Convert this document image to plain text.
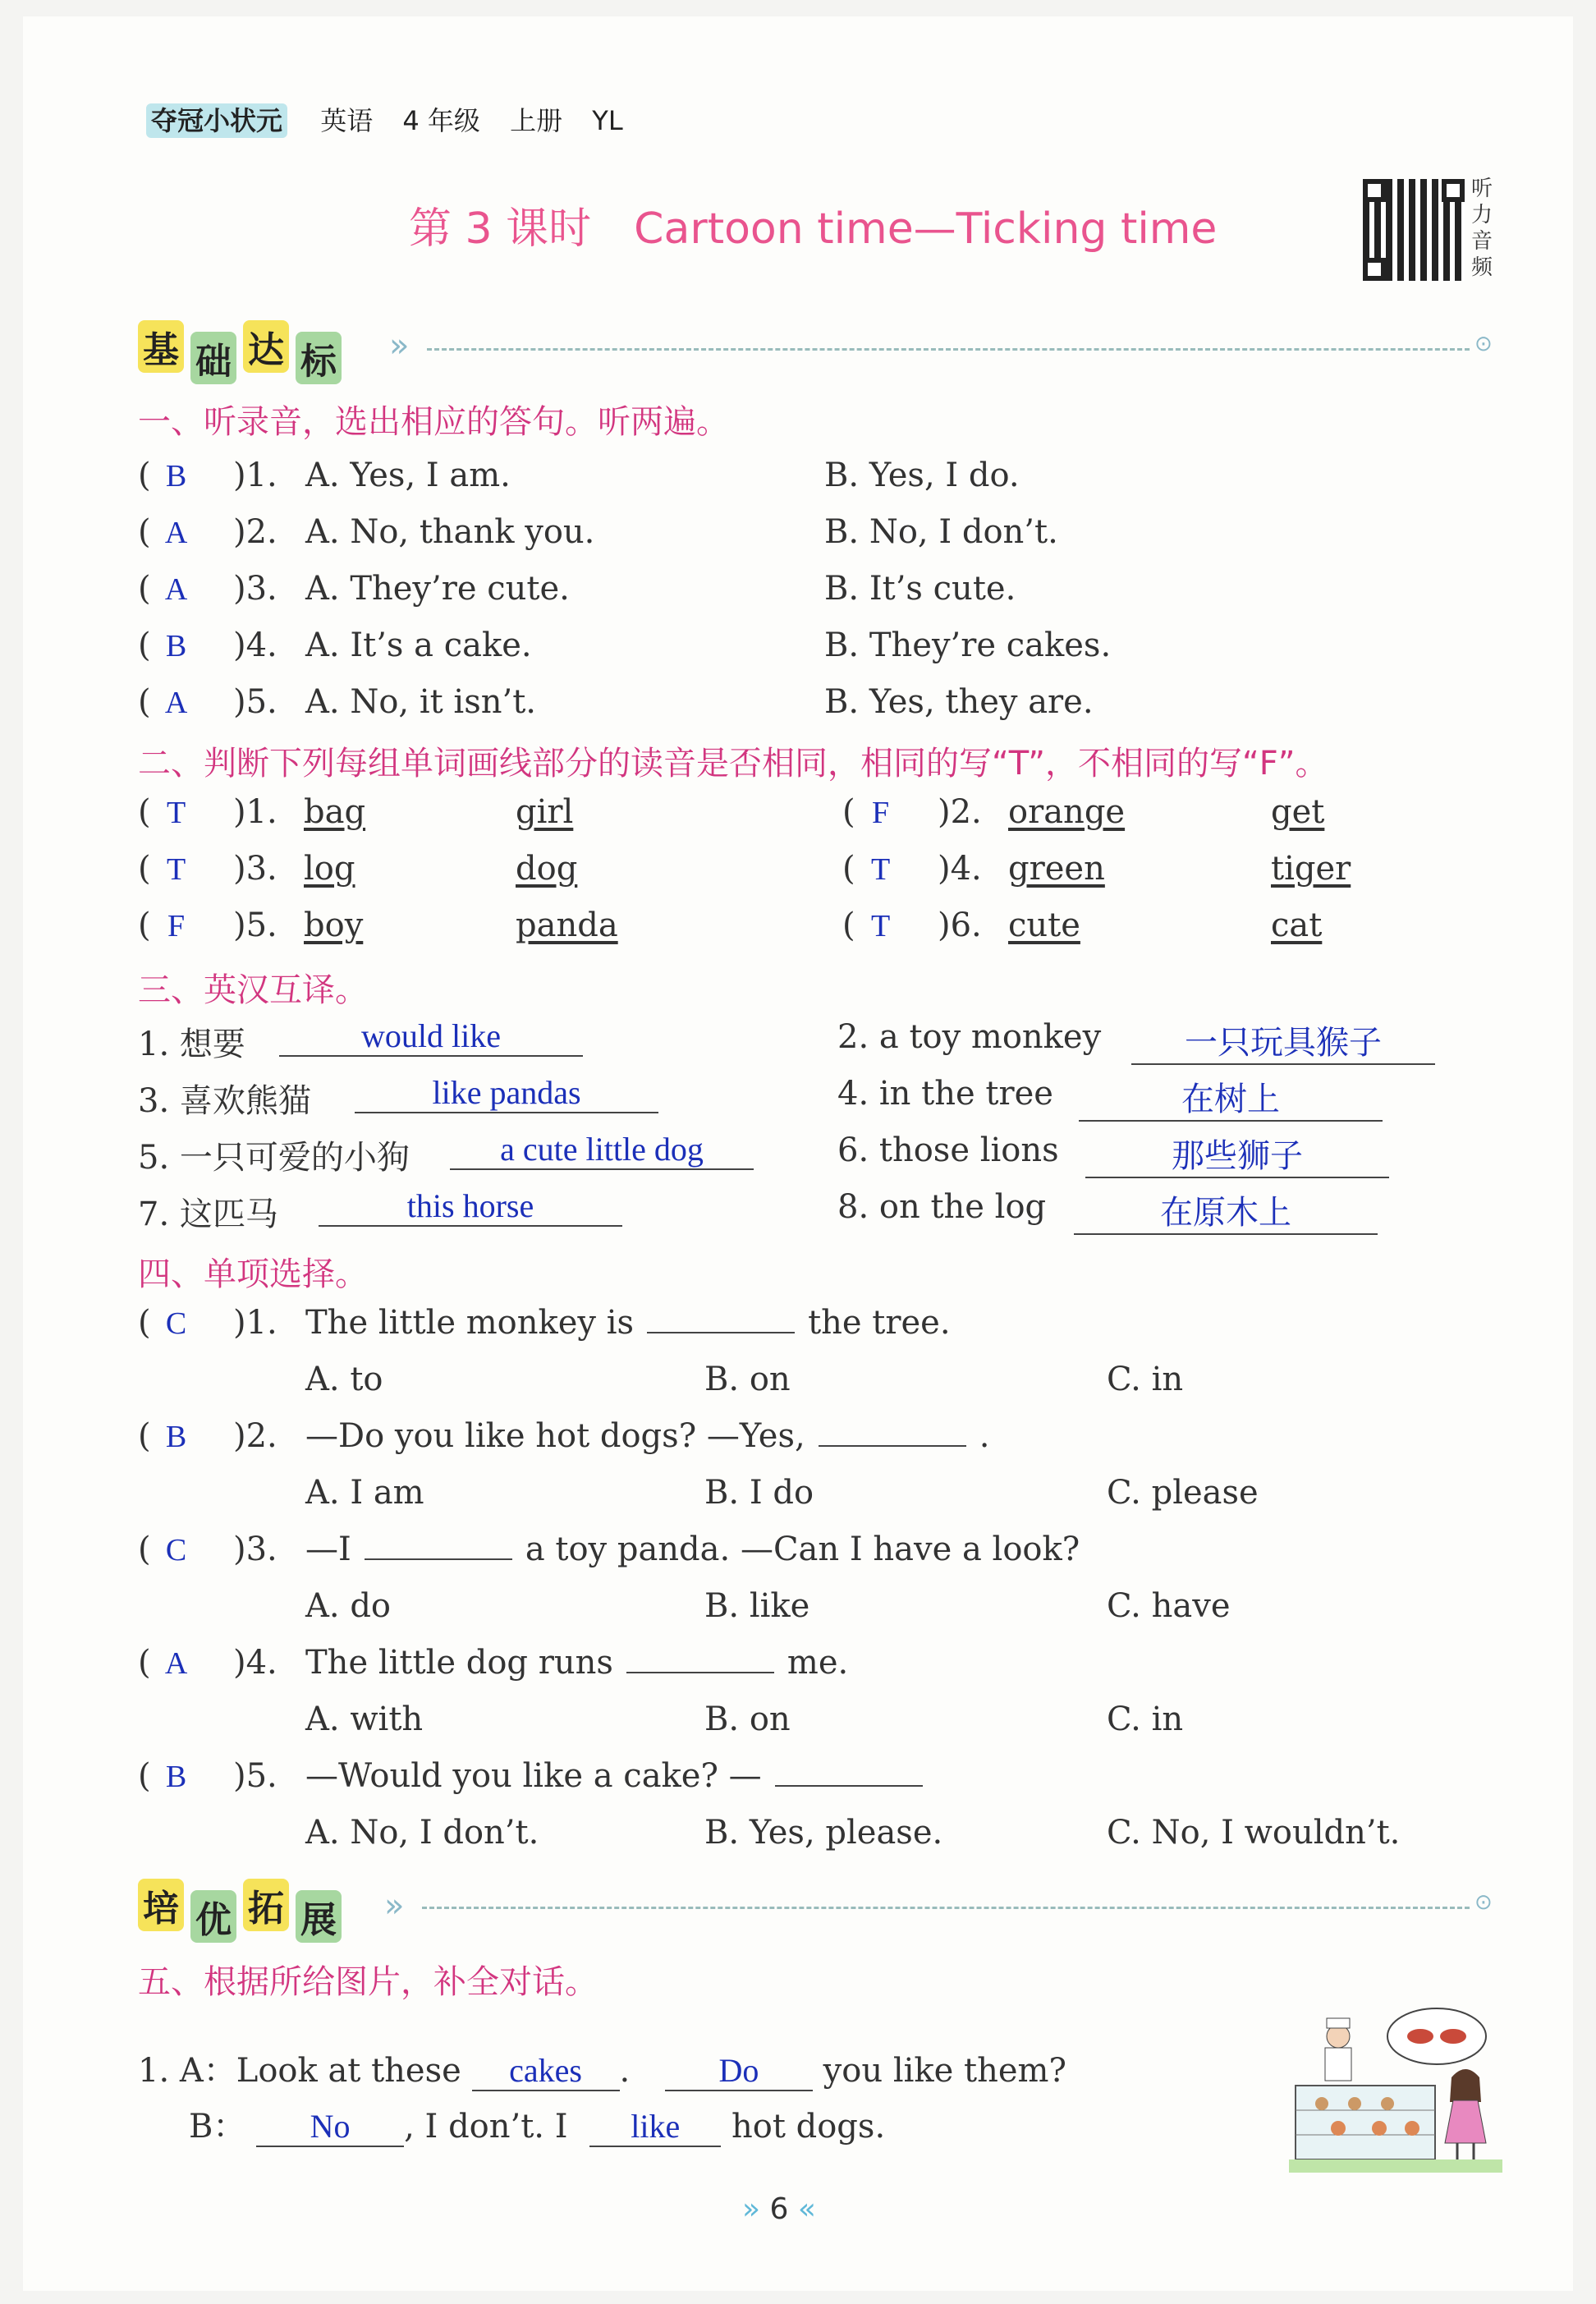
夺冠小状元 英语 4 年级 上册 YL
第 3 课时　Cartoon time—Ticking time
听
力
音
频
基 础 达 标	»	⊙
一、听录音，选出相应的答句。听两遍。
( B	)1. A. Yes, I am.	B. Yes, I do.
( A	)2. A. No, thank you.	B. No, I don’t.
( A	)3. A. They’re cute.	B. It’s cute.
( B	)4. A. It’s a cake.	B. They’re cakes.
( A	)5. A. No, it isn’t.	B. Yes, they are.
二、判断下列每组单词画线部分的读音是否相同，相同的写“T”，不相同的写“F”。
( T	)1. bag	girl	( F	)2. orange	get
( T	)3. log	dog	( T	)4. green	tiger
( F	)5. boy	panda	( T	)6. cute	cat
三、英汉互译。
1. 想要	would like	2. a toy monkey	一只玩具猴子
3. 喜欢熊猫	like pandas	4. in the tree	在树上
5. 一只可爱的小狗	a cute little dog	6. those lions	那些狮子
7. 这匹马	this horse	8. on the log	在原木上
四、单项选择。
( C	)1. The little monkey is	the tree.
A. to	B. on	C. in
( B	)2. —Do you like hot dogs? —Yes,	.
A. I am	B. I do	C. please
( C	)3. —I	a toy panda. —Can I have a look?
A. do	B. like	C. have
( A	)4. The little dog runs	me.
A. with	B. on	C. in
( B	)5. —Would you like a cake? —
A. No, I don’t.	B. Yes, please.	C. No, I wouldn’t.
培 优 拓 展	»	⊙
五、根据所给图片，补全对话。
1. A：Look at these cakes .	Do you like them?
B： No , I don’t. I like hot dogs.
» 6 «
